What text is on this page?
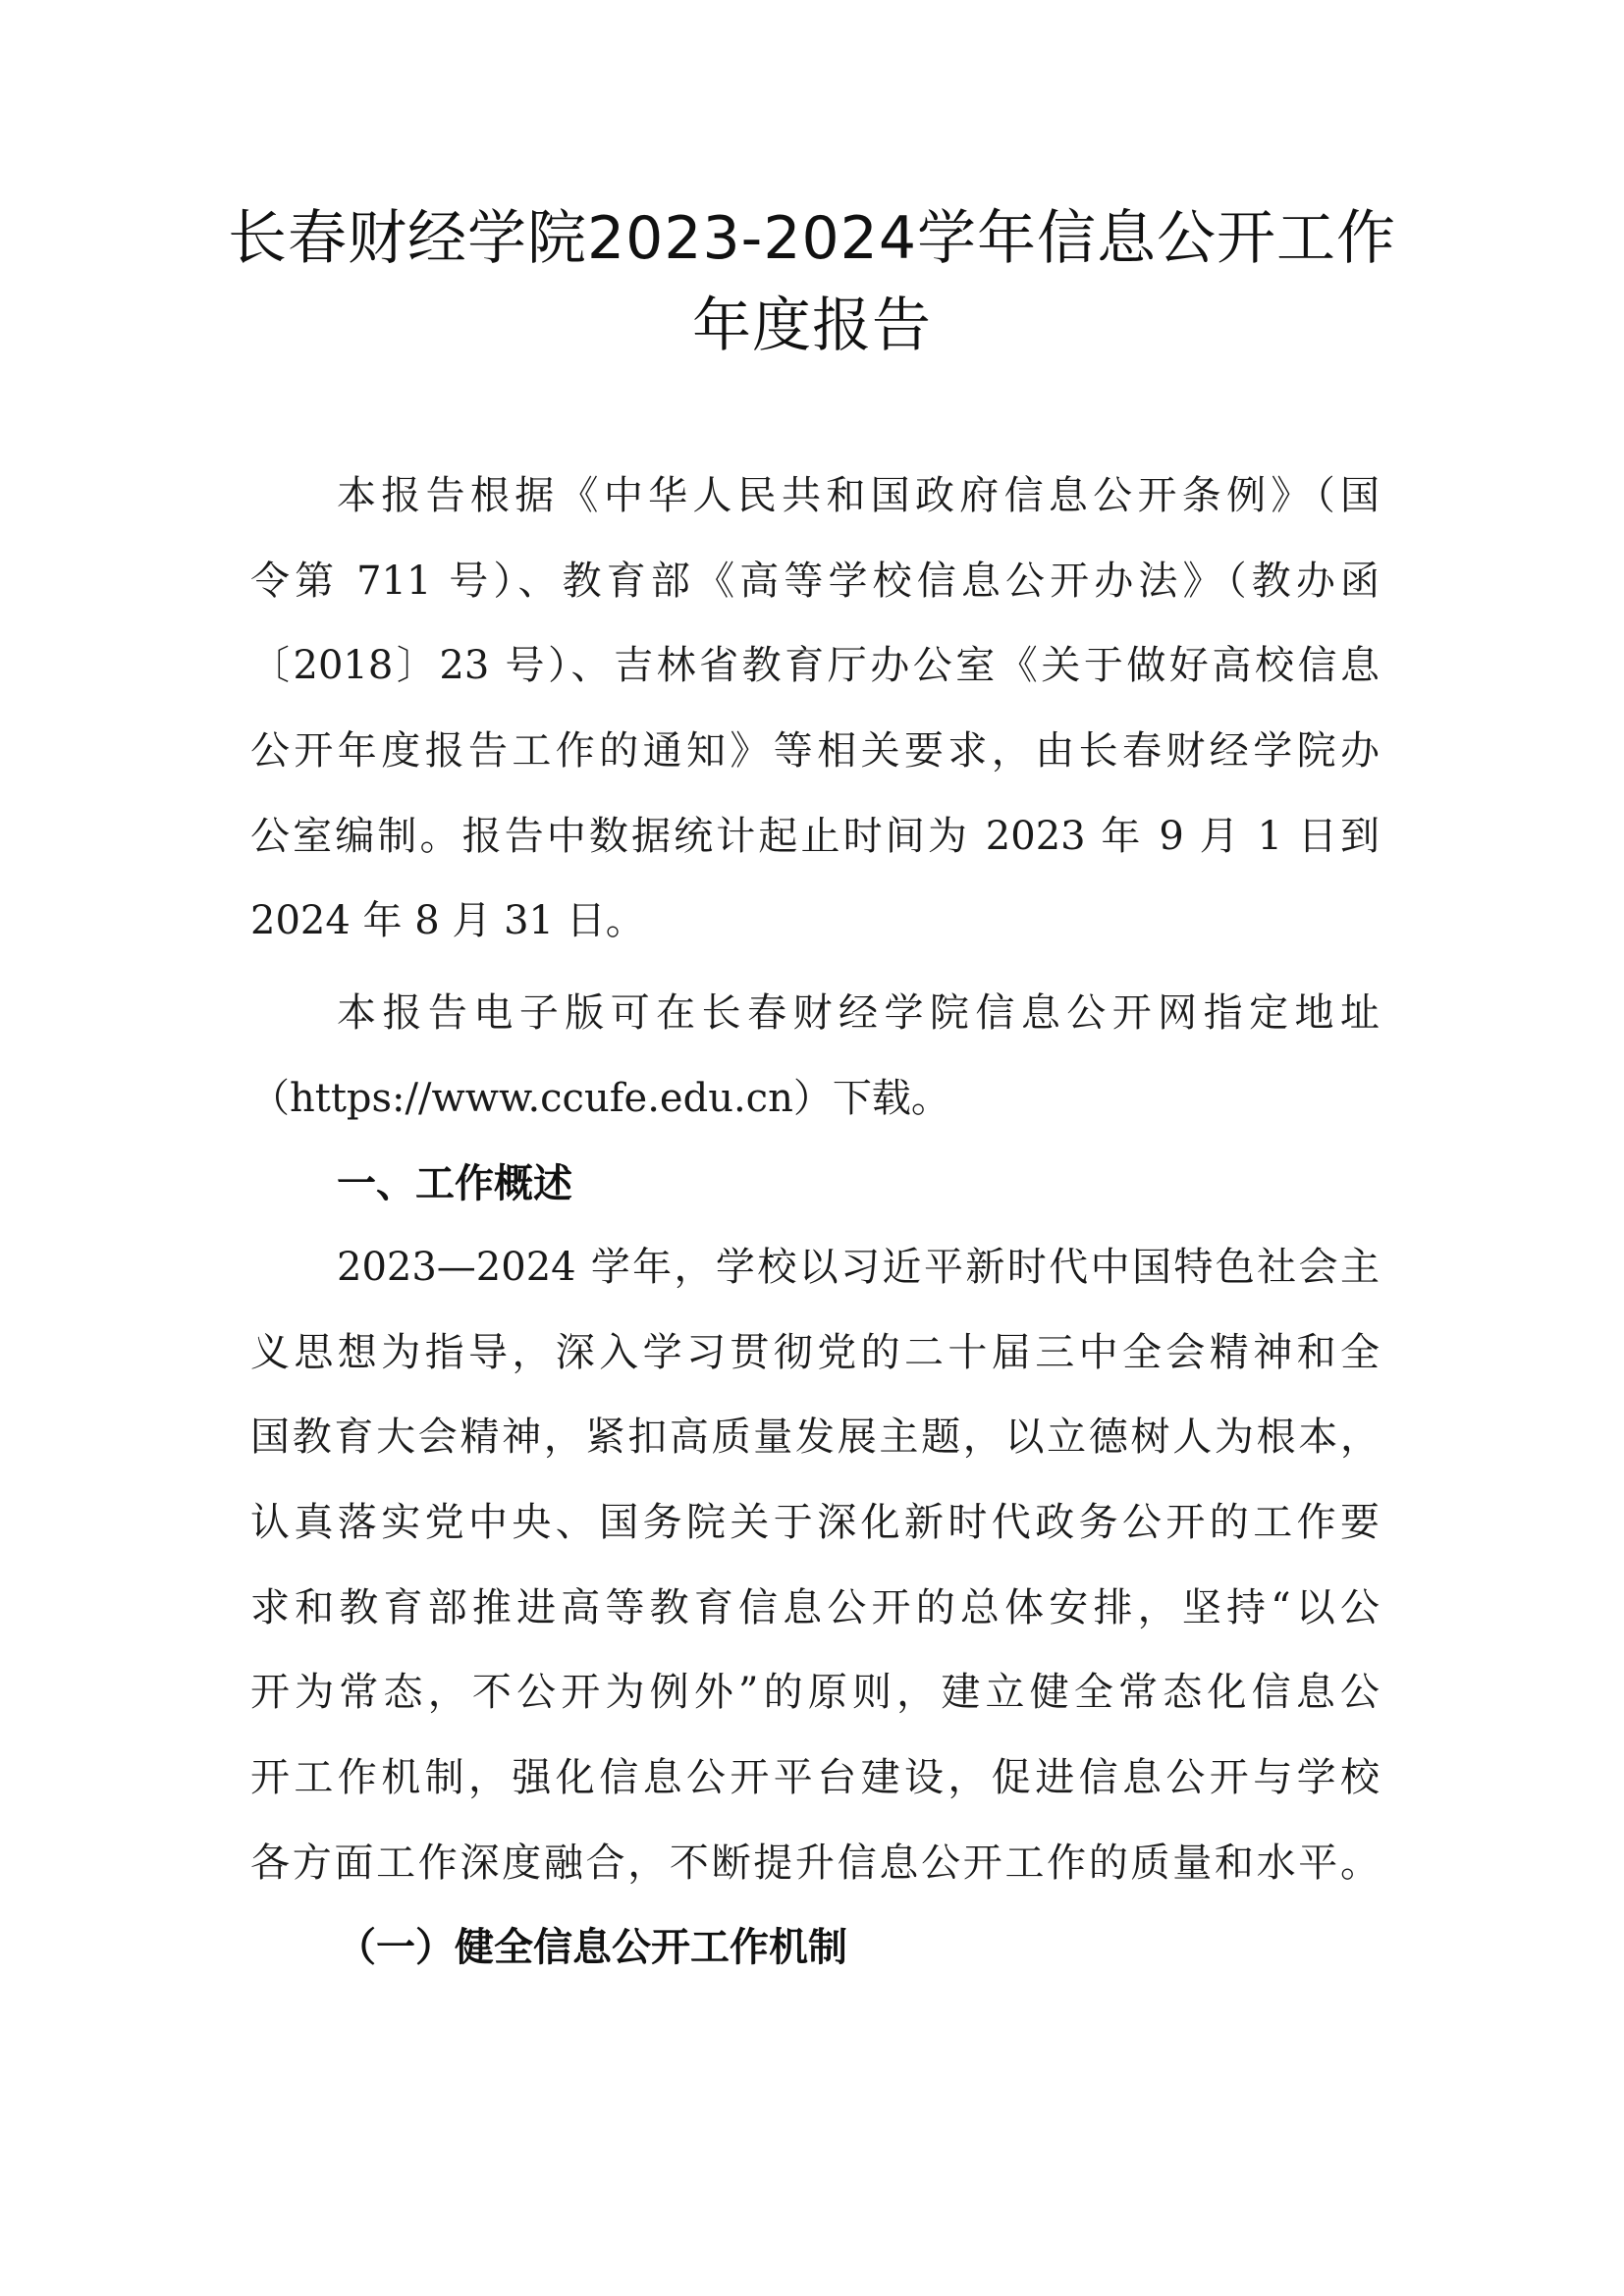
长春财经学院2023-2024学年信息公开工作
年度报告
本报告根据《中华人民共和国政府信息公开条例》（国
令第 711 号）、教育部《高等学校信息公开办法》（教办函
〔2018〕23 号）、吉林省教育厅办公室《关于做好高校信息
公开年度报告工作的通知》等相关要求，由长春财经学院办
公室编制。报告中数据统计起止时间为 2023 年 9 月 1 日到
2024 年 8 月 31 日。
本报告电子版可在长春财经学院信息公开网指定地址
（https://www.ccufe.edu.cn）下载。
一、工作概述
2023—2024 学年，学校以习近平新时代中国特色社会主
义思想为指导，深入学习贯彻党的二十届三中全会精神和全
国教育大会精神，紧扣高质量发展主题，以立德树人为根本，
认真落实党中央、国务院关于深化新时代政务公开的工作要
求和教育部推进高等教育信息公开的总体安排，坚持“以公
开为常态，不公开为例外”的原则，建立健全常态化信息公
开工作机制，强化信息公开平台建设，促进信息公开与学校
各方面工作深度融合，不断提升信息公开工作的质量和水平。
（一）健全信息公开工作机制
